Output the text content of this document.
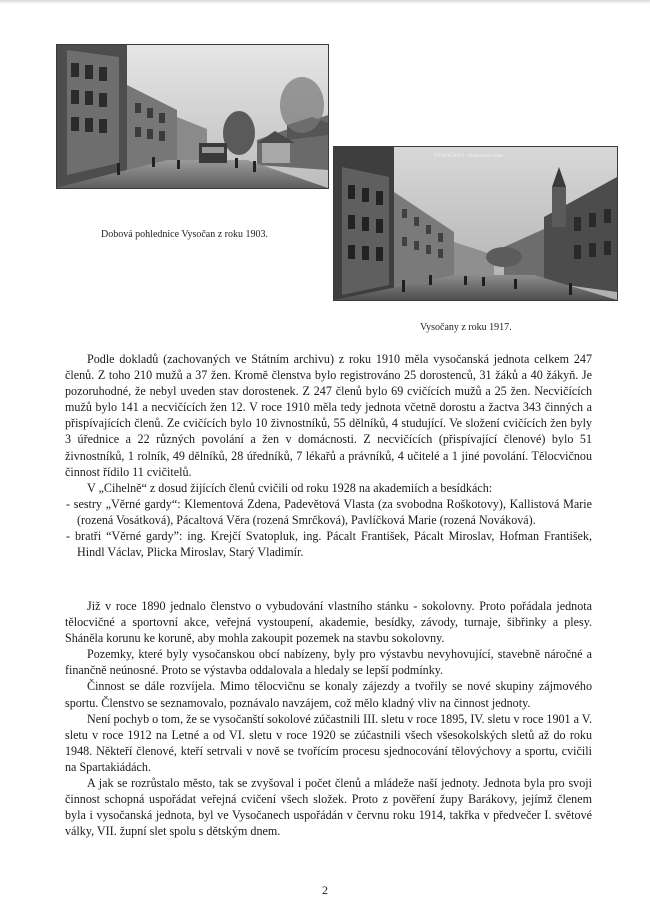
Dobová pohlednice Vysočan z roku 1903.
VYSOČANY - Královská třída
Vysočany z roku 1917.

Podle dokladů (zachovaných ve Státním archivu) z roku 1910 měla vysočanská jednota celkem 247 členů. Z toho 210 mužů a 37 žen. Kromě členstva bylo registrováno 25 dorostenců, 31 žáků a 40 žákyň. Je pozoruhodné, že nebyl uveden stav dorostenek. Z 247 členů bylo 69 cvičících mužů a 25 žen. Necvičících mužů bylo 141 a necvičících žen 12. V roce 1910 měla tedy jednota včetně dorostu a žactva 343 činných a přispívajících členů. Ze cvičících bylo 10 živnostníků, 55 dělníků, 4 studující. Ve složení cvičících žen byly 3 úřednice a 22 různých povolání a žen v domácnosti. Z necvičících (přispívající členové) bylo 51 živnostníků, 1 rolník, 49 dělníků, 28 úředníků, 7 lékařů a právníků, 4 učitelé a 1 jiné povolání. Tělocvičnou činnost řídilo 11 cvičitelů.

V „Cihelně“ z dosud žijících členů cvičili od roku 1928 na akademiích a besídkách:

- sestry „Věrné gardy“: Klementová Zdena, Padevětová Vlasta (za svobodna Roškotovy), Kallistová Marie (rozená Vosátková), Pácaltová Věra (rozená Smrčková), Pavlíčková Marie (rozená Nováková).
- bratři “Věrné gardy”: ing. Krejčí Svatopluk, ing. Pácalt František, Pácalt Miroslav, Hofman František, Hindl Václav, Plicka Miroslav, Starý Vladimír.

Již v roce 1890 jednalo členstvo o vybudování vlastního stánku - sokolovny. Proto pořádala jednota tělocvičné a sportovní akce, veřejná vystoupení, akademie, besídky, závody, turnaje, šibřinky a plesy. Sháněla korunu ke koruně, aby mohla zakoupit pozemek na stavbu sokolovny.

Pozemky, které byly vysočanskou obcí nabízeny, byly pro výstavbu nevyhovující, stavebně náročné a finančně neúnosné. Proto se výstavba oddalovala a hledaly se lepší podmínky.

Činnost se dále rozvíjela. Mimo tělocvičnu se konaly zájezdy a tvořily se nové skupiny zájmového sportu. Členstvo se seznamovalo, poznávalo navzájem, což mělo kladný vliv na činnost jednoty.

Není pochyb o tom, že se vysočanští sokolové zúčastnili III. sletu v roce 1895, IV. sletu v roce 1901 a V. sletu v roce 1912 na Letné a od VI. sletu v roce 1920 se zúčastnili všech všesokolských sletů až do roku 1948. Někteří členové, kteří setrvali v nově se tvořícím procesu sjednocování tělovýchovy a sportu, cvičili na Spartakiádách.

A jak se rozrůstalo město, tak se zvyšoval i počet členů a mládeže naší jednoty. Jednota byla pro svoji činnost schopná uspořádat veřejná cvičení všech složek. Proto z pověření župy Barákovy, jejímž členem byla i vysočanská jednota, byl ve Vysočanech uspořádán v červnu roku 1914, takřka v předvečer I. světové války, VII. župní slet spolu s dětským dnem.

2
